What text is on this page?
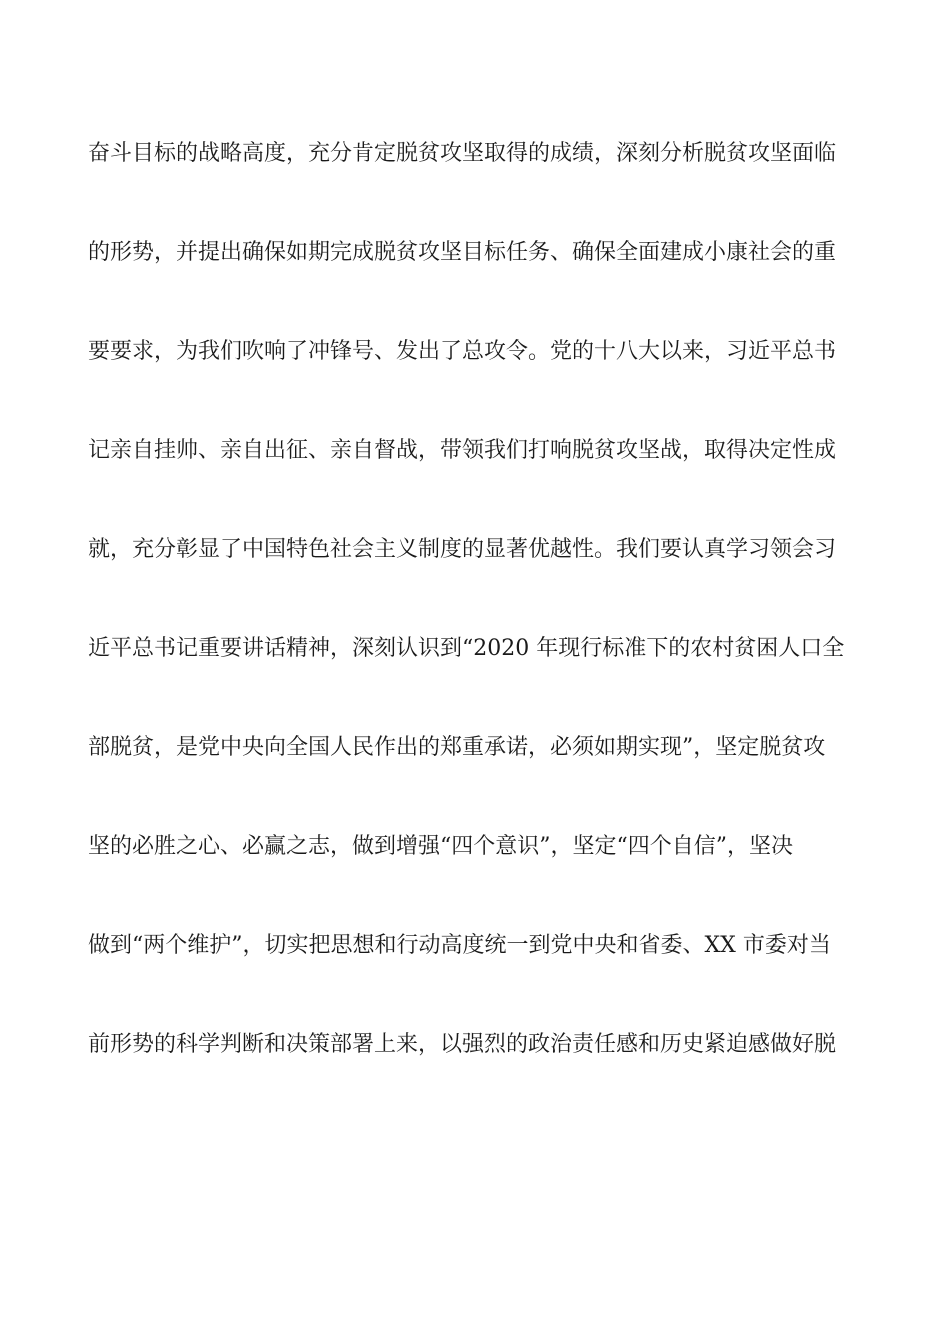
奋斗目标的战略高度，充分肯定脱贫攻坚取得的成绩，深刻分析脱贫攻坚面临
的形势，并提出确保如期完成脱贫攻坚目标任务、确保全面建成小康社会的重
要要求，为我们吹响了冲锋号、发出了总攻令。党的十八大以来，习近平总书
记亲自挂帅、亲自出征、亲自督战，带领我们打响脱贫攻坚战，取得决定性成
就，充分彰显了中国特色社会主义制度的显著优越性。我们要认真学习领会习
近平总书记重要讲话精神，深刻认识到“2020 年现行标准下的农村贫困人口全
部脱贫，是党中央向全国人民作出的郑重承诺，必须如期实现”，坚定脱贫攻
坚的必胜之心、必赢之志，做到增强“四个意识”，坚定“四个自信”，坚决
做到“两个维护”，切实把思想和行动高度统一到党中央和省委、XX 市委对当
前形势的科学判断和决策部署上来，以强烈的政治责任感和历史紧迫感做好脱
